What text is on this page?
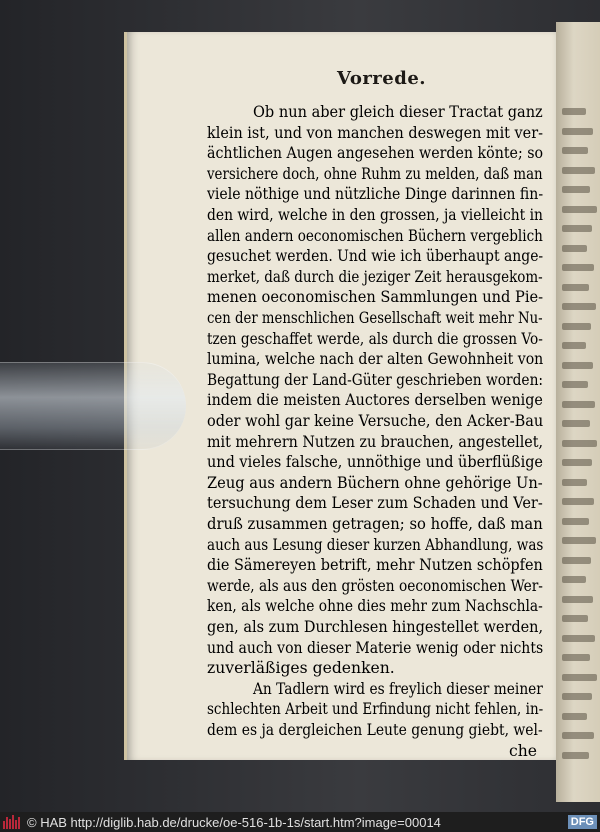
Vorrede.
Ob nun aber gleich dieser Tractat ganz
klein ist, und von manchen deswegen mit ver-
ächtlichen Augen angesehen werden könte; so
versichere doch, ohne Ruhm zu melden, daß man
viele nöthige und nützliche Dinge darinnen fin-
den wird, welche in den grossen, ja vielleicht in
allen andern oeconomischen Büchern vergeblich
gesuchet werden. Und wie ich überhaupt ange-
merket, daß durch die jeziger Zeit herausgekom-
menen oeconomischen Sammlungen und Pie-
cen der menschlichen Gesellschaft weit mehr Nu-
tzen geschaffet werde, als durch die grossen Vo-
lumina, welche nach der alten Gewohnheit von
Begattung der Land-Güter geschrieben worden:
indem die meisten Auctores derselben wenige
oder wohl gar keine Versuche, den Acker-Bau
mit mehrern Nutzen zu brauchen, angestellet,
und vieles falsche, unnöthige und überflüßige
Zeug aus andern Büchern ohne gehörige Un-
tersuchung dem Leser zum Schaden und Ver-
druß zusammen getragen; so hoffe, daß man
auch aus Lesung dieser kurzen Abhandlung, was
die Sämereyen betrift, mehr Nutzen schöpfen
werde, als aus den grösten oeconomischen Wer-
ken, als welche ohne dies mehr zum Nachschla-
gen, als zum Durchlesen hingestellet werden,
und auch von dieser Materie wenig oder nichts
zuverläßiges gedenken.
An Tadlern wird es freylich dieser meiner
schlechten Arbeit und Erfindung nicht fehlen, in-
dem es ja dergleichen Leute genung giebt, wel-
che
© HAB http://diglib.hab.de/drucke/oe-516-1b-1s/start.htm?image=00014	DFG
